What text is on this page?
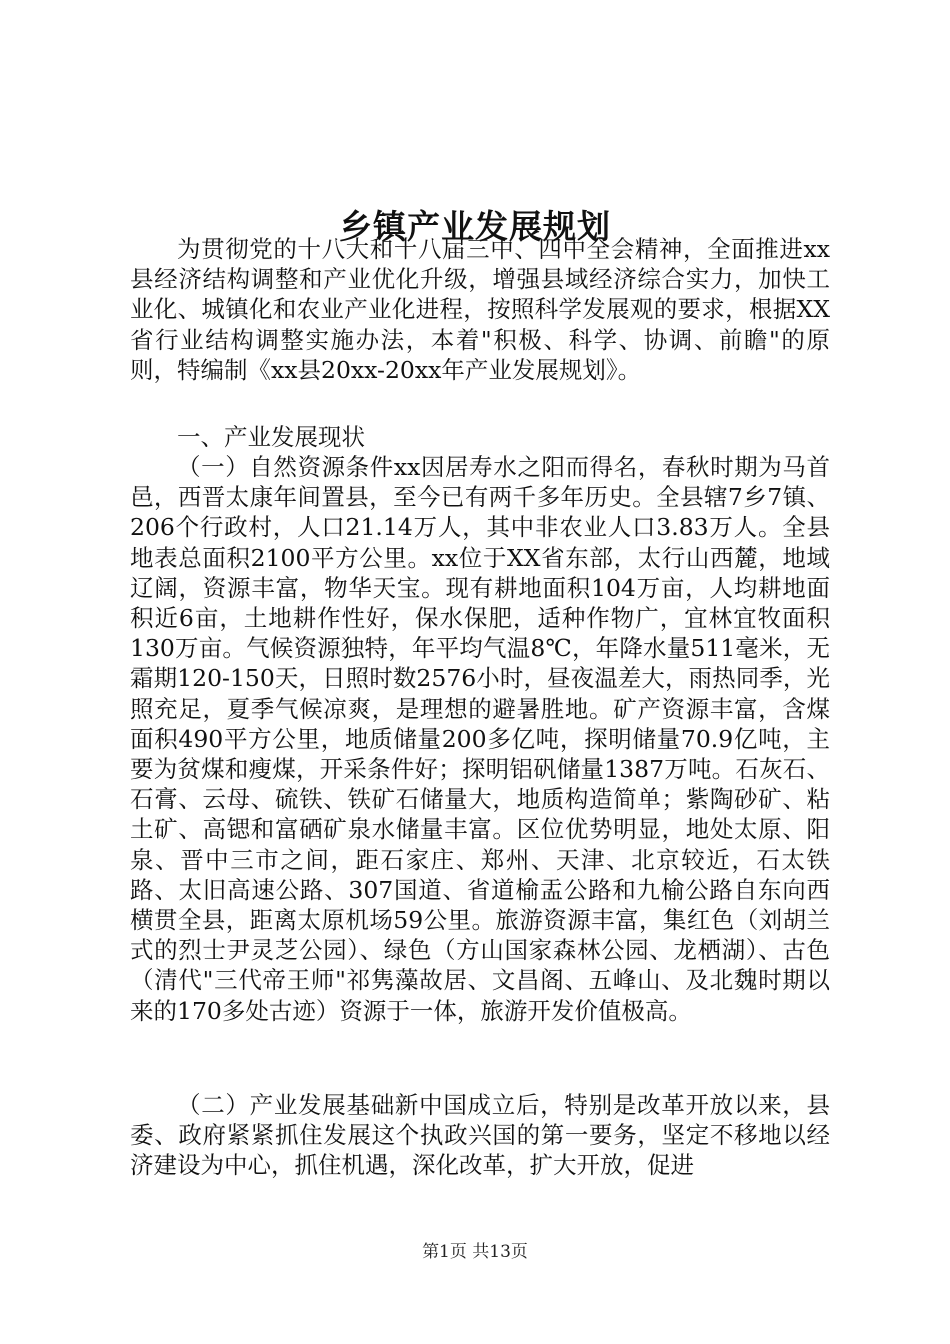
乡镇产业发展规划

为贯彻党的十八大和十八届三中、四中全会精神，全面推进xx县经济结构调整和产业优化升级，增强县域经济综合实力，加快工业化、城镇化和农业产业化进程，按照科学发展观的要求，根据XX省行业结构调整实施办法，本着"积极、科学、协调、前瞻"的原则，特编制《xx县20xx-20xx年产业发展规划》。

一、产业发展现状

（一）自然资源条件xx因居寿水之阳而得名，春秋时期为马首邑，西晋太康年间置县，至今已有两千多年历史。全县辖7乡7镇、206个行政村，人口21.14万人，其中非农业人口3.83万人。全县地表总面积2100平方公里。xx位于XX省东部，太行山西麓，地域辽阔，资源丰富，物华天宝。现有耕地面积104万亩，人均耕地面积近6亩，土地耕作性好，保水保肥，适种作物广，宜林宜牧面积130万亩。气候资源独特，年平均气温8℃，年降水量511毫米，无霜期120-150天，日照时数2576小时，昼夜温差大，雨热同季，光照充足，夏季气候凉爽，是理想的避暑胜地。矿产资源丰富，含煤面积490平方公里，地质储量200多亿吨，探明储量70.9亿吨，主要为贫煤和瘦煤，开采条件好；探明铝矾储量1387万吨。石灰石、石膏、云母、硫铁、铁矿石储量大，地质构造简单；紫陶砂矿、粘土矿、高锶和富硒矿泉水储量丰富。区位优势明显，地处太原、阳泉、晋中三市之间，距石家庄、郑州、天津、北京较近，石太铁路、太旧高速公路、307国道、省道榆盂公路和九榆公路自东向西横贯全县，距离太原机场59公里。旅游资源丰富，集红色（刘胡兰式的烈士尹灵芝公园）、绿色（方山国家森林公园、龙栖湖）、古色（清代"三代帝王师"祁隽藻故居、文昌阁、五峰山、及北魏时期以来的170多处古迹）资源于一体，旅游开发价值极高。

（二）产业发展基础新中国成立后，特别是改革开放以来，县委、政府紧紧抓住发展这个执政兴国的第一要务，坚定不移地以经济建设为中心，抓住机遇，深化改革，扩大开放，促进

第1页 共13页
